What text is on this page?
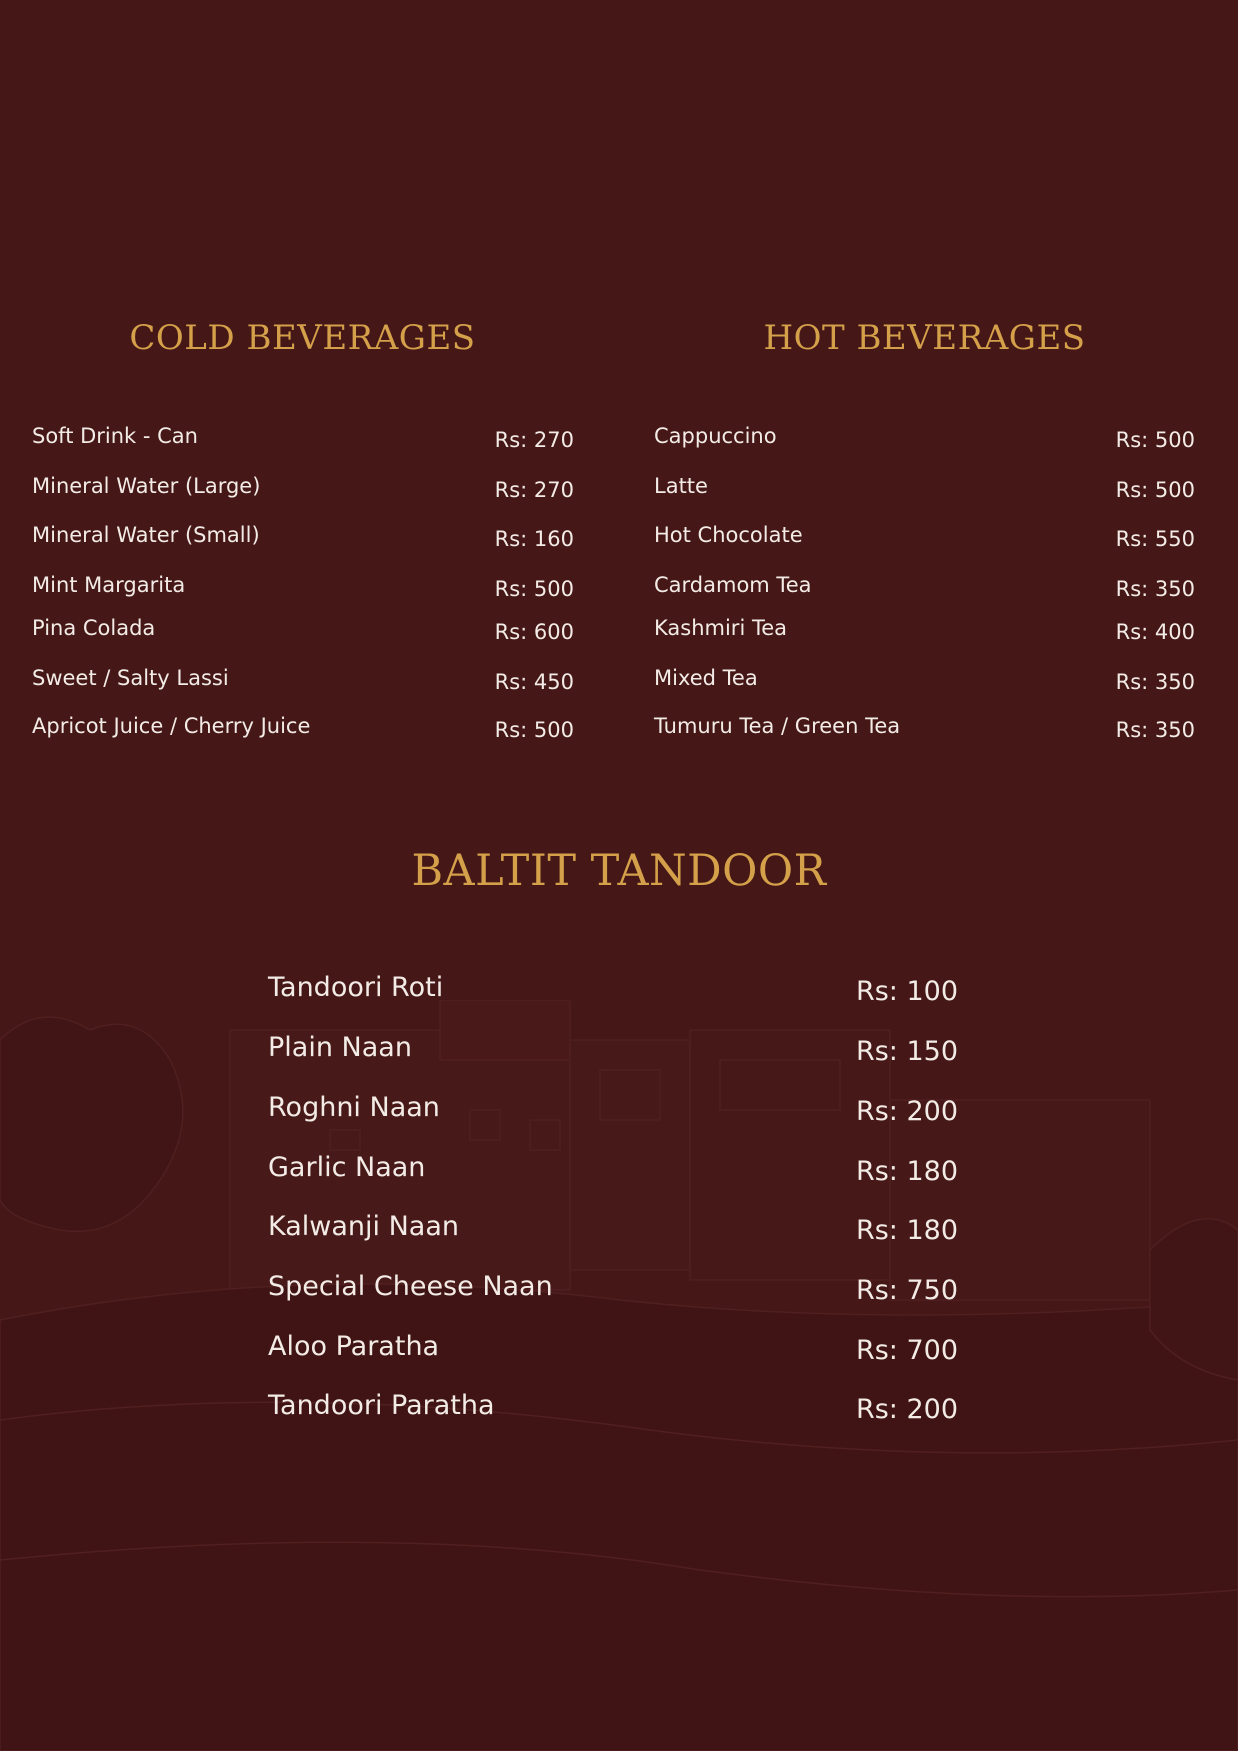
COLD BEVERAGES	HOT BEVERAGES
Soft Drink - Can	Rs: 270
Mineral Water (Large)	Rs: 270
Mineral Water (Small)	Rs: 160
Mint Margarita	Rs: 500
Pina Colada	Rs: 600
Sweet / Salty Lassi	Rs: 450
Apricot Juice / Cherry Juice	Rs: 500
Cappuccino	Rs: 500
Latte	Rs: 500
Hot Chocolate	Rs: 550
Cardamom Tea	Rs: 350
Kashmiri Tea	Rs: 400
Mixed Tea	Rs: 350
Tumuru Tea / Green Tea	Rs: 350
BALTIT TANDOOR
Tandoori Roti	Rs: 100
Plain Naan	Rs: 150
Roghni Naan	Rs: 200
Garlic Naan	Rs: 180
Kalwanji Naan	Rs: 180
Special Cheese Naan	Rs: 750
Aloo Paratha	Rs: 700
Tandoori Paratha	Rs: 200
